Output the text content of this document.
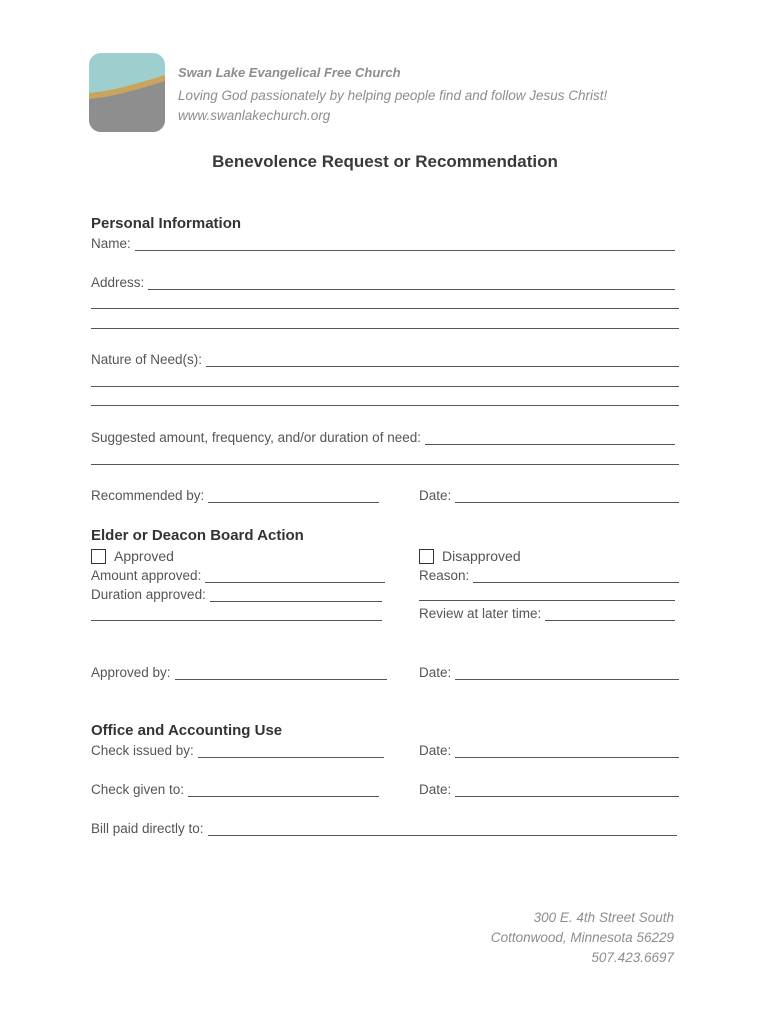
Swan Lake Evangelical Free Church
Loving God passionately by helping people find and follow Jesus Christ!
www.swanlakechurch.org
Benevolence Request or Recommendation
Personal Information
Name:
Address:
Nature of Need(s):
Suggested amount, frequency, and/or duration of need:
Recommended by:	Date:
Elder or Deacon Board Action
Approved	Disapproved
Amount approved:	Reason:
Duration approved:
Review at later time:
Approved by:	Date:
Office and Accounting Use
Check issued by:	Date:
Check given to:	Date:
Bill paid directly to:
300 E. 4th Street South
Cottonwood, Minnesota 56229
507.423.6697
